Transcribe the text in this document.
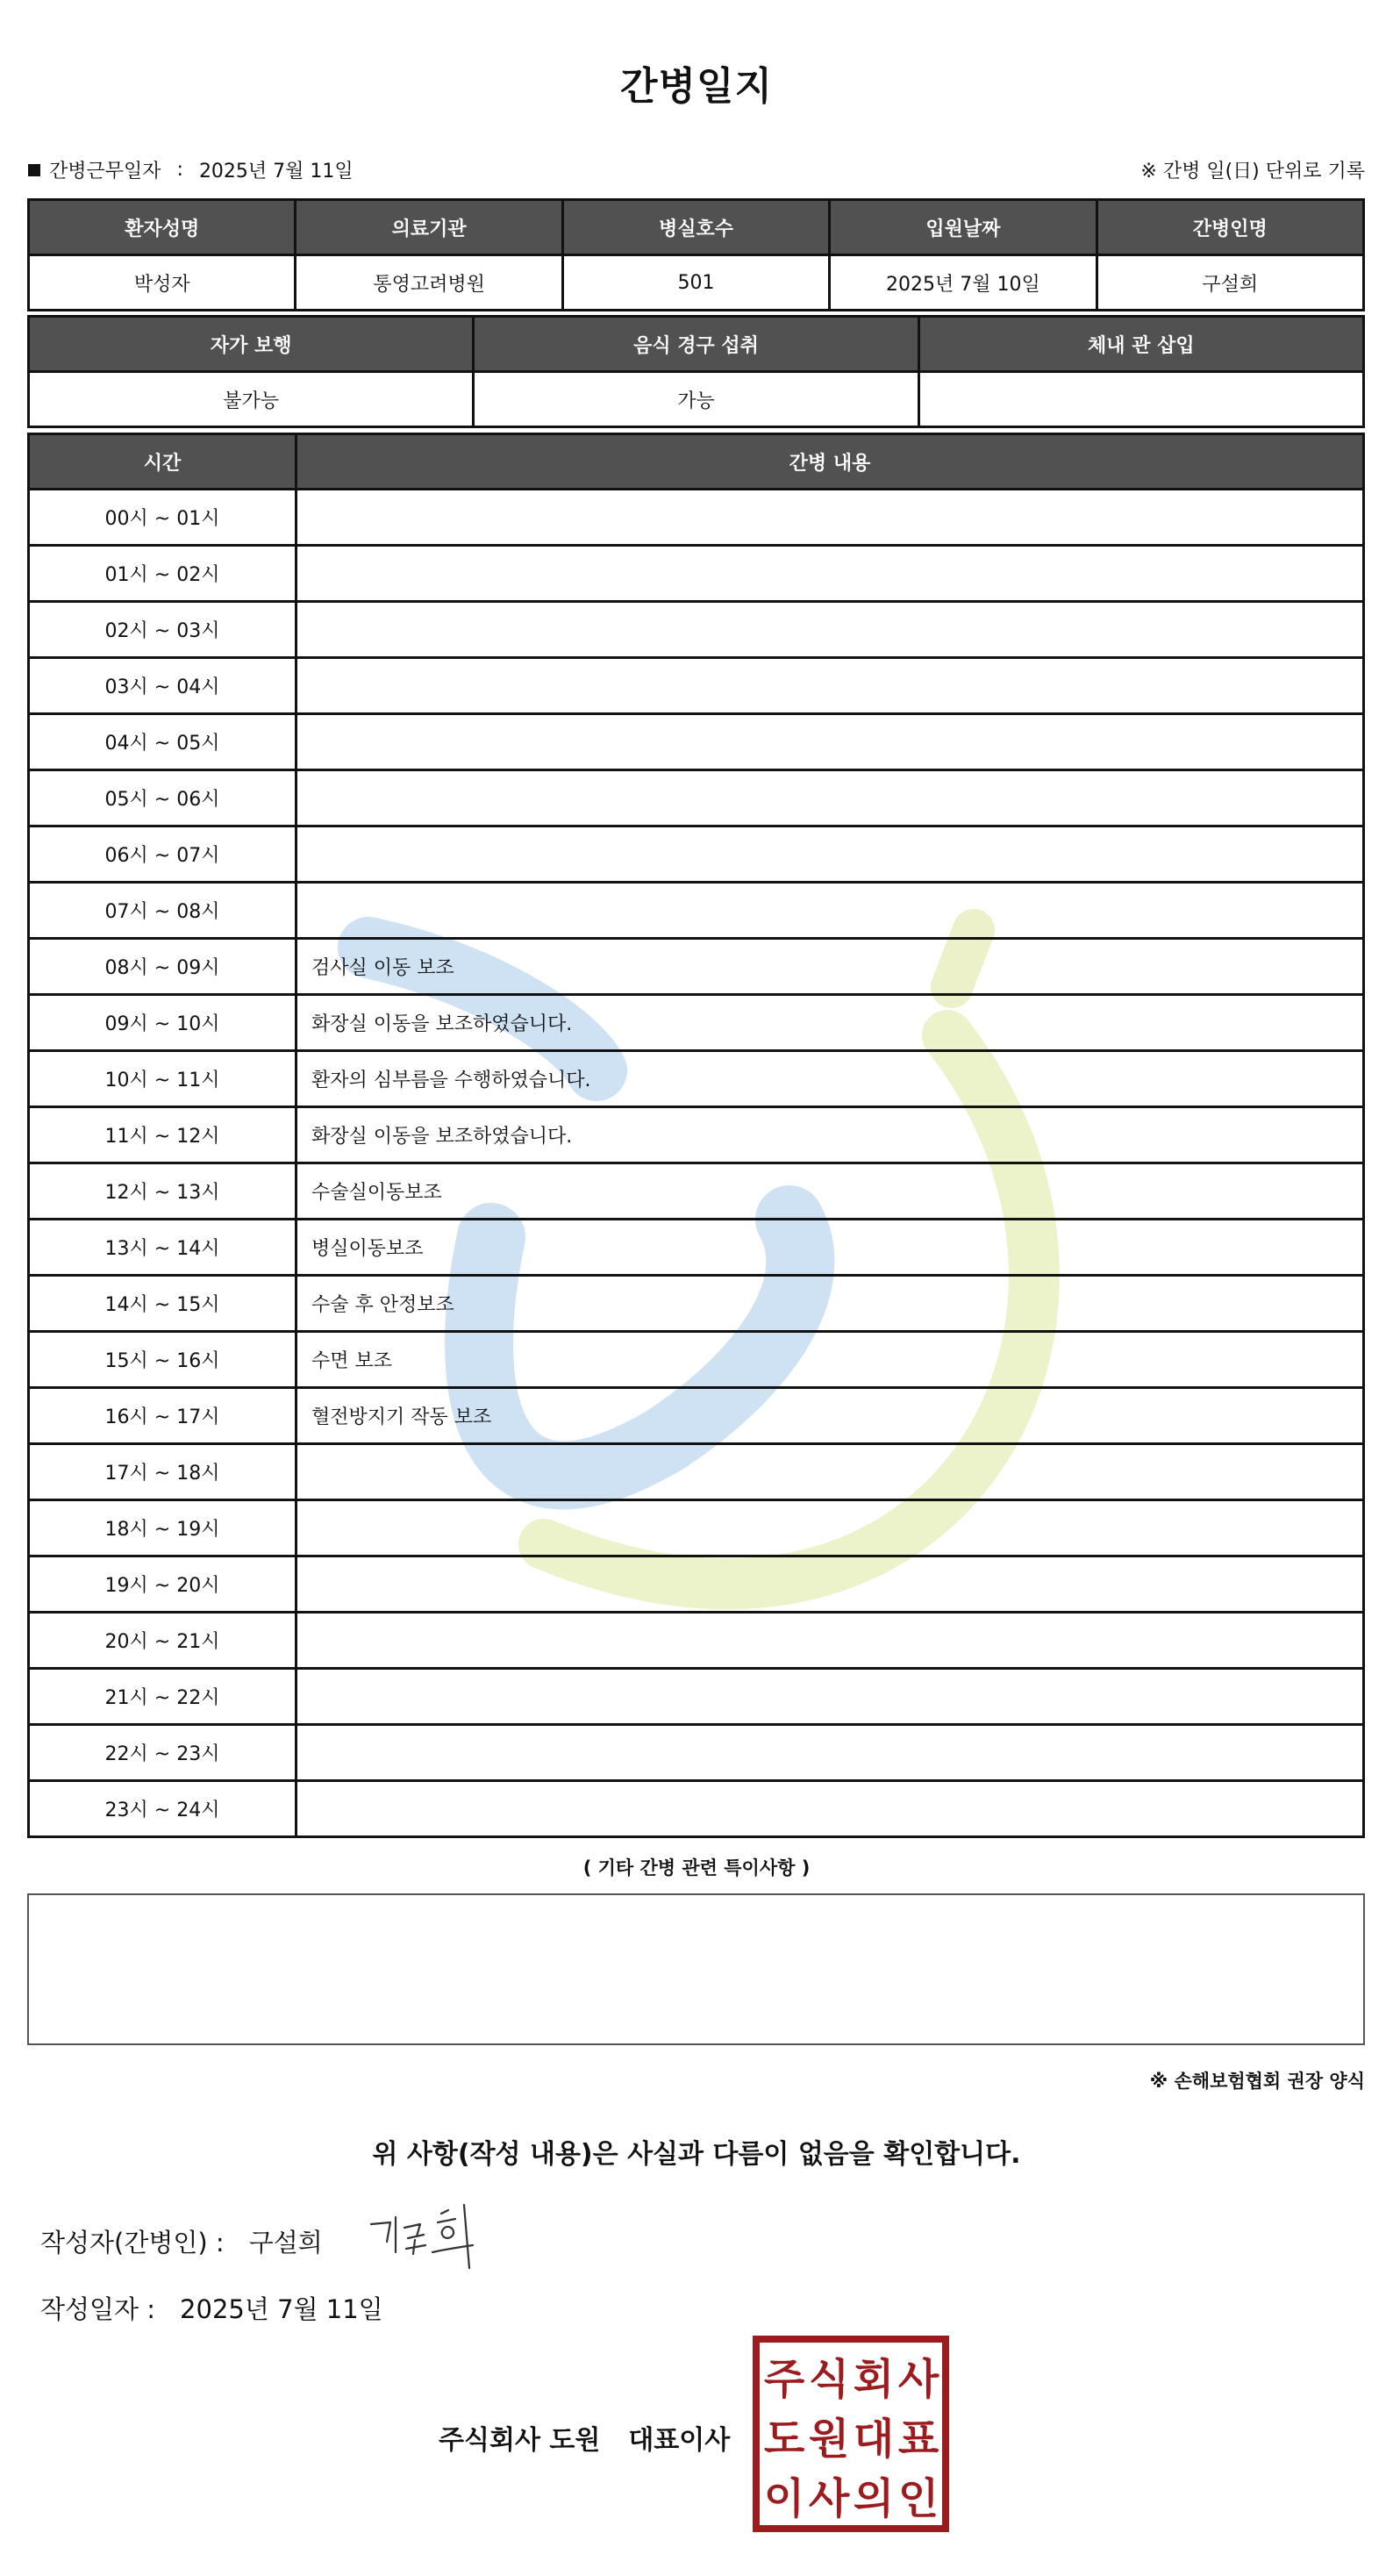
간병일지
간병근무일자 : 2025년 7월 11일	※ 간병 일(日) 단위로 기록
환자성명	의료기관	병실호수	입원날짜	간병인명
박성자	통영고려병원	501	2025년 7월 10일	구설희
자가 보행	음식 경구 섭취	체내 관 삽입
불가능	가능	
시간	간병 내용
00시 ~ 01시	
01시 ~ 02시	
02시 ~ 03시	
03시 ~ 04시	
04시 ~ 05시	
05시 ~ 06시	
06시 ~ 07시	
07시 ~ 08시	
08시 ~ 09시	검사실 이동 보조
09시 ~ 10시	화장실 이동을 보조하였습니다.
10시 ~ 11시	환자의 심부름을 수행하였습니다.
11시 ~ 12시	화장실 이동을 보조하였습니다.
12시 ~ 13시	수술실이동보조
13시 ~ 14시	병실이동보조
14시 ~ 15시	수술 후 안정보조
15시 ~ 16시	수면 보조
16시 ~ 17시	혈전방지기 작동 보조
17시 ~ 18시	
18시 ~ 19시	
19시 ~ 20시	
20시 ~ 21시	
21시 ~ 22시	
22시 ~ 23시	
23시 ~ 24시	
( 기타 간병 관련 특이사항 )
※ 손해보험협회 권장 양식
위 사항(작성 내용)은 사실과 다름이 없음을 확인합니다.
작성자(간병인) : 구설희
작성일자 : 2025년 7월 11일
주식회사 도원 대표이사
주 식 회 사
도 원 대 표
이 사 의 인
